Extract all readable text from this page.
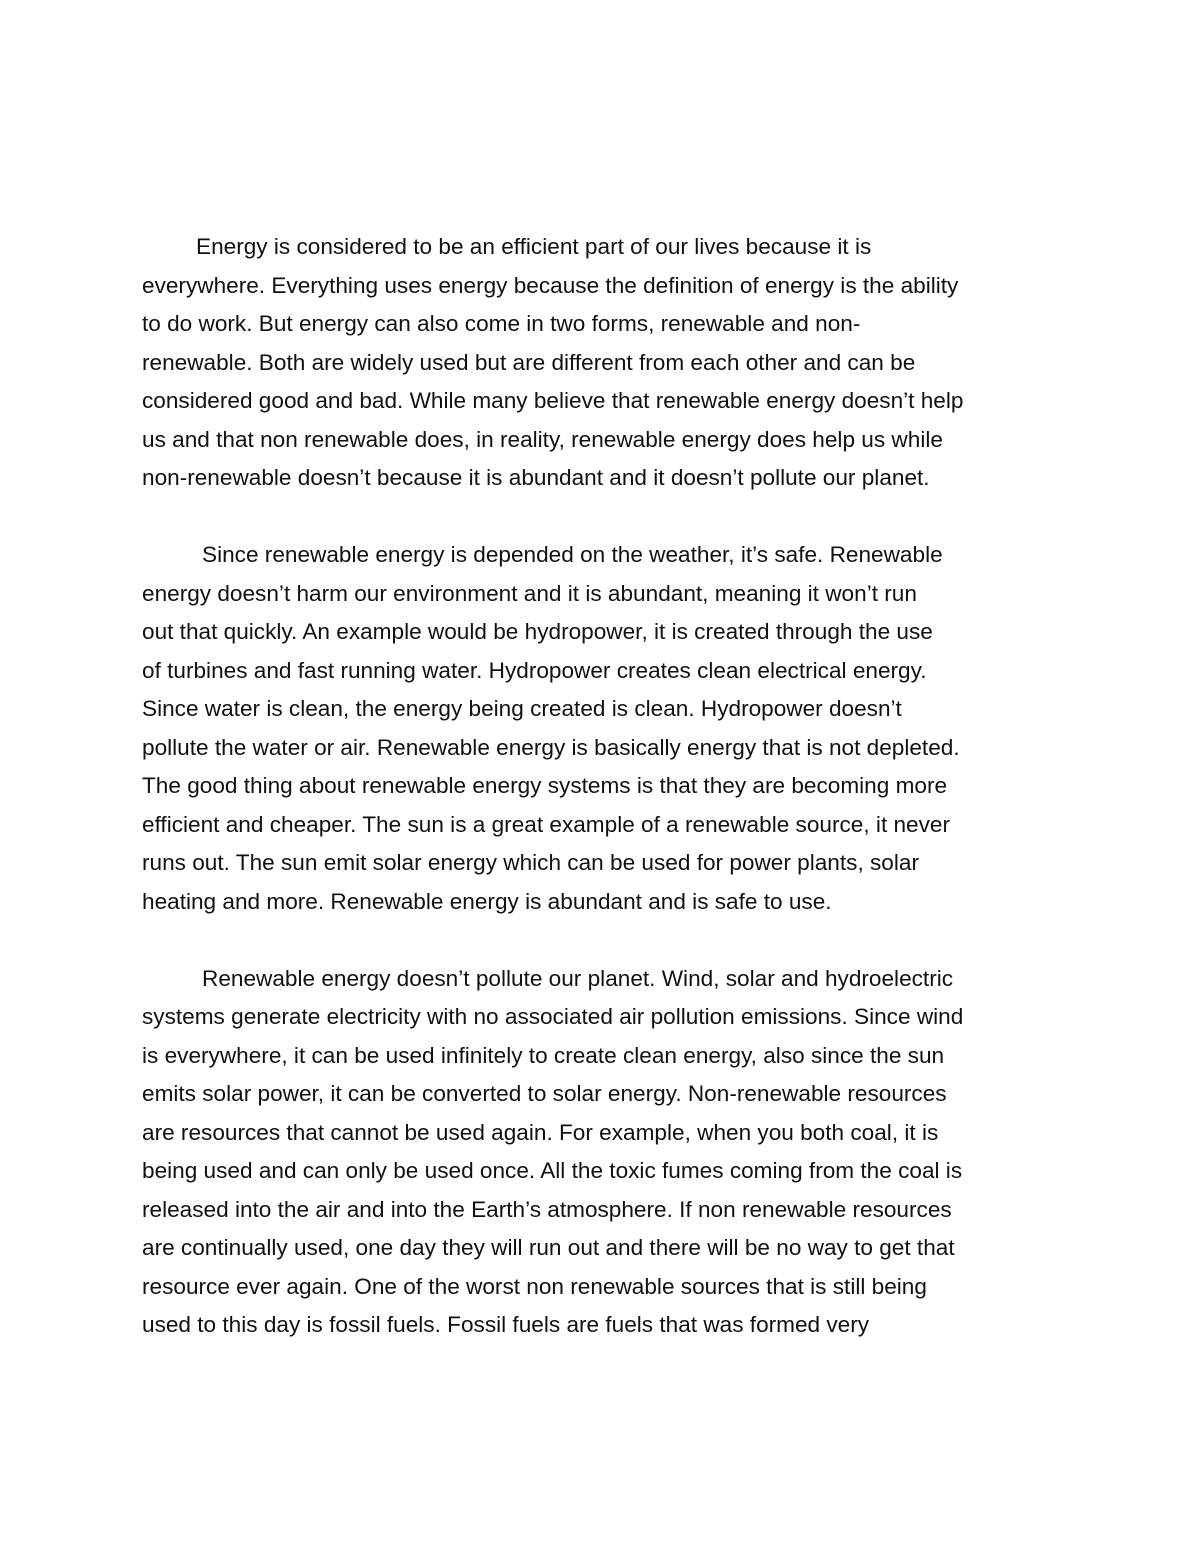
Energy is considered to be an efficient part of our lives because it is
everywhere. Everything uses energy because the definition of energy is the ability
to do work. But energy can also come in two forms, renewable and non-
renewable. Both are widely used but are different from each other and can be
considered good and bad. While many believe that renewable energy doesn’t help
us and that non renewable does, in reality, renewable energy does help us while
non-renewable doesn’t because it is abundant and it doesn’t pollute our planet.

Since renewable energy is depended on the weather, it’s safe. Renewable
energy doesn’t harm our environment and it is abundant, meaning it won’t run
out that quickly. An example would be hydropower, it is created through the use
of turbines and fast running water. Hydropower creates clean electrical energy.
Since water is clean, the energy being created is clean. Hydropower doesn’t
pollute the water or air. Renewable energy is basically energy that is not depleted.
The good thing about renewable energy systems is that they are becoming more
efficient and cheaper. The sun is a great example of a renewable source, it never
runs out. The sun emit solar energy which can be used for power plants, solar
heating and more. Renewable energy is abundant and is safe to use.

Renewable energy doesn’t pollute our planet. Wind, solar and hydroelectric
systems generate electricity with no associated air pollution emissions. Since wind
is everywhere, it can be used infinitely to create clean energy, also since the sun
emits solar power, it can be converted to solar energy. Non-renewable resources
are resources that cannot be used again. For example, when you both coal, it is
being used and can only be used once. All the toxic fumes coming from the coal is
released into the air and into the Earth’s atmosphere. If non renewable resources
are continually used, one day they will run out and there will be no way to get that
resource ever again. One of the worst non renewable sources that is still being
used to this day is fossil fuels. Fossil fuels are fuels that was formed very
